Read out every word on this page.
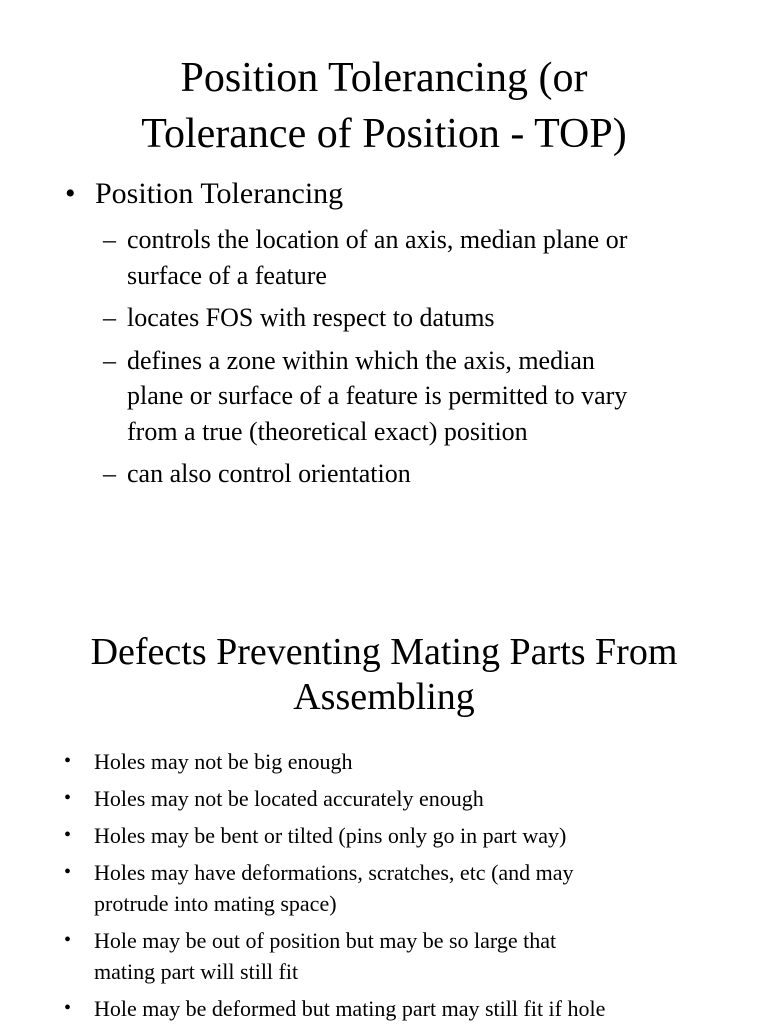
Position Tolerancing (or
Tolerance of Position - TOP)
• Position Tolerancing
– controls the location of an axis, median plane or
surface of a feature
– locates FOS with respect to datums
– defines a zone within which the axis, median
plane or surface of a feature is permitted to vary
from a true (theoretical exact) position
– can also control orientation
Defects Preventing Mating Parts From
Assembling
• Holes may not be big enough
• Holes may not be located accurately enough
• Holes may be bent or tilted (pins only go in part way)
• Holes may have deformations, scratches, etc (and may
protrude into mating space)
• Hole may be out of position but may be so large that
mating part will still fit
• Hole may be deformed but mating part may still fit if hole
